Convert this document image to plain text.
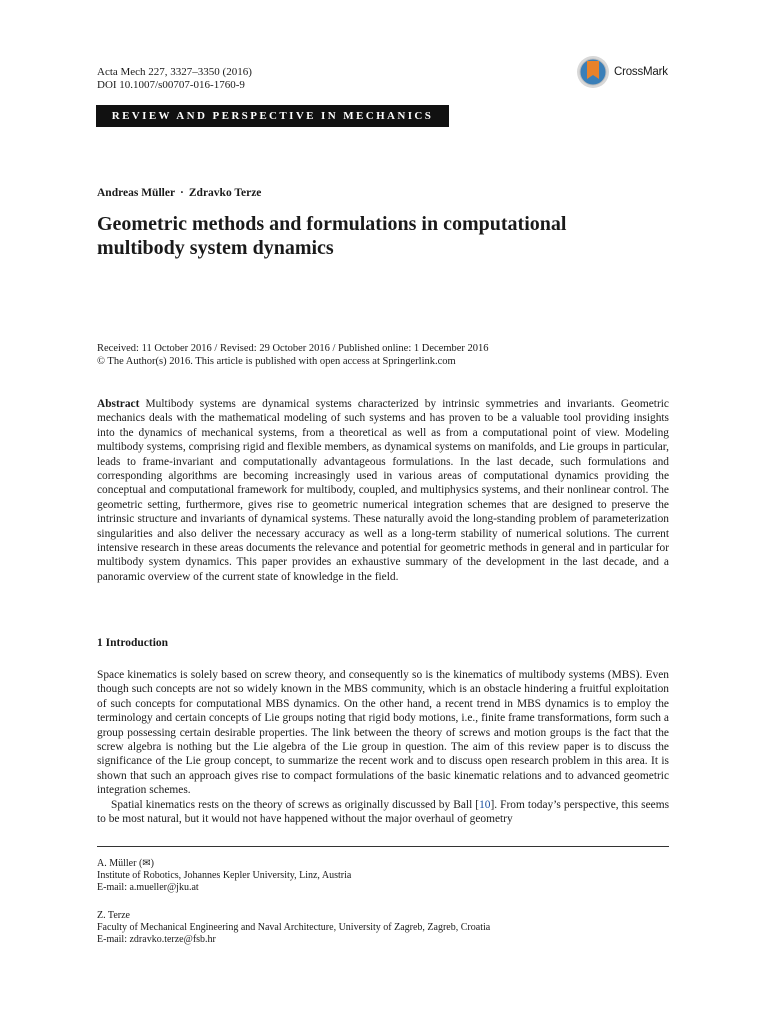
Acta Mech 227, 3327–3350 (2016)
DOI 10.1007/s00707-016-1760-9
CrossMark
REVIEW AND PERSPECTIVE IN MECHANICS
Andreas Müller · Zdravko Terze
Geometric methods and formulations in computational
multibody system dynamics
Received: 11 October 2016 / Revised: 29 October 2016 / Published online: 1 December 2016
© The Author(s) 2016. This article is published with open access at Springerlink.com

Abstract Multibody systems are dynamical systems characterized by intrinsic symmetries and invariants. Geometric mechanics deals with the mathematical modeling of such systems and has proven to be a valuable tool providing insights into the dynamics of mechanical systems, from a theoretical as well as from a computational point of view. Modeling multibody systems, comprising rigid and flexible members, as dynamical systems on manifolds, and Lie groups in particular, leads to frame-invariant and computationally advantageous formulations. In the last decade, such formulations and corresponding algorithms are becoming increasingly used in various areas of computational dynamics providing the conceptual and computational framework for multibody, coupled, and multiphysics systems, and their nonlinear control. The geometric setting, furthermore, gives rise to geometric numerical integration schemes that are designed to preserve the intrinsic structure and invariants of dynamical systems. These naturally avoid the long-standing problem of parameterization singularities and also deliver the necessary accuracy as well as a long-term stability of numerical solutions. The current intensive research in these areas documents the relevance and potential for geometric methods in general and in particular for multibody system dynamics. This paper provides an exhaustive summary of the development in the last decade, and a panoramic overview of the current state of knowledge in the field.

1 Introduction

Space kinematics is solely based on screw theory, and consequently so is the kinematics of multibody systems (MBS). Even though such concepts are not so widely known in the MBS community, which is an obstacle hindering a fruitful exploitation of such concepts for computational MBS dynamics. On the other hand, a recent trend in MBS dynamics is to employ the terminology and certain concepts of Lie groups noting that rigid body motions, i.e., finite frame transformations, form such a group possessing certain desirable properties. The link between the theory of screws and motion groups is the fact that the screw algebra is nothing but the Lie algebra of the Lie group in question. The aim of this review paper is to discuss the significance of the Lie group concept, to summarize the recent work and to discuss open research problem in this area. It is shown that such an approach gives rise to compact formulations of the basic kinematic relations and to advanced geometric integration schemes.

Spatial kinematics rests on the theory of screws as originally discussed by Ball [10]. From today’s perspective, this seems to be most natural, but it would not have happened without the major overhaul of geometry

A. Müller (✉)
Institute of Robotics, Johannes Kepler University, Linz, Austria
E-mail: a.mueller@jku.at
Z. Terze
Faculty of Mechanical Engineering and Naval Architecture, University of Zagreb, Zagreb, Croatia
E-mail: zdravko.terze@fsb.hr
